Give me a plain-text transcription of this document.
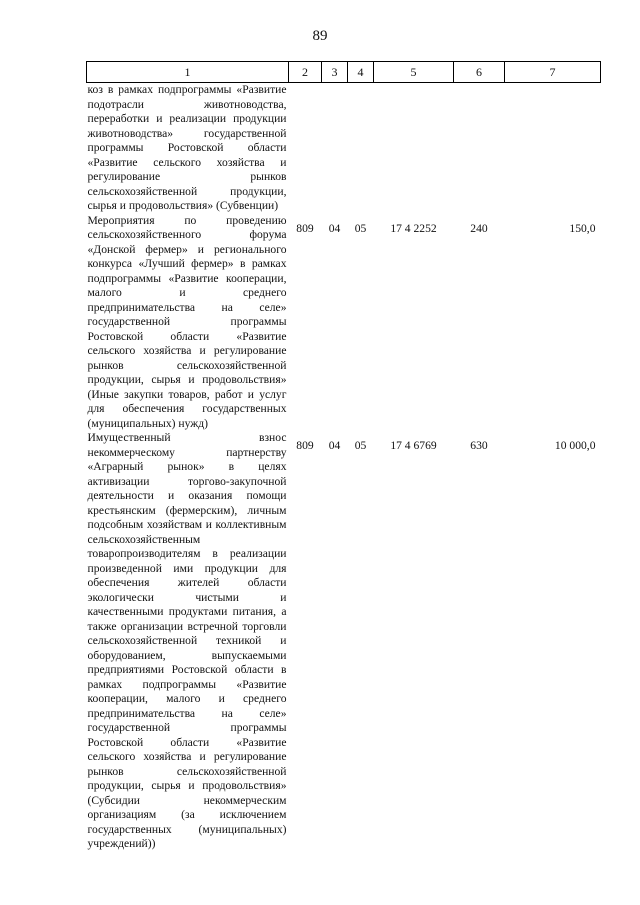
89
1	2	3	4	5	6	7
коз в рамках подпрограммы «Развитие подотрасли животноводства, переработки и реализации продукции животноводства» государственной программы Ростовской области «Развитие сельского хозяйства и регулирование рынков сельскохозяйственной продукции, сырья и продовольствия» (Субвенции)						
Мероприятия по проведению сельскохозяйственного форума «Донской фермер» и регионального конкурса «Лучший фермер» в рамках подпрограммы «Развитие кооперации, малого и среднего предпринимательства на селе» государственной программы Ростовской области «Развитие сельского хозяйства и регулирование рынков сельскохозяйственной продукции, сырья и продовольствия» (Иные закупки товаров, работ и услуг для обеспечения государственных (муниципальных) нужд)	809	04	05	17 4 2252	240	150,0
Имущественный взнос некоммерческому партнерству «Аграрный рынок» в целях активизации торгово-закупочной деятельности и оказания помощи крестьянским (фермерским), личным подсобным хозяйствам и коллективным сельскохозяйственным товаропроизводителям в реализации произведенной ими продукции для обеспечения жителей области экологически чистыми и качественными продуктами питания, а также организации встречной торговли сельскохозяйственной техникой и оборудованием, выпускаемыми предприятиями Ростовской области в рамках подпрограммы «Развитие кооперации, малого и среднего предпринимательства на селе» государственной программы Ростовской области «Развитие сельского хозяйства и регулирование рынков сельскохозяйственной продукции, сырья и продовольствия» (Субсидии некоммерческим организациям (за исключением государственных (муниципальных) учреждений))	809	04	05	17 4 6769	630	10 000,0
